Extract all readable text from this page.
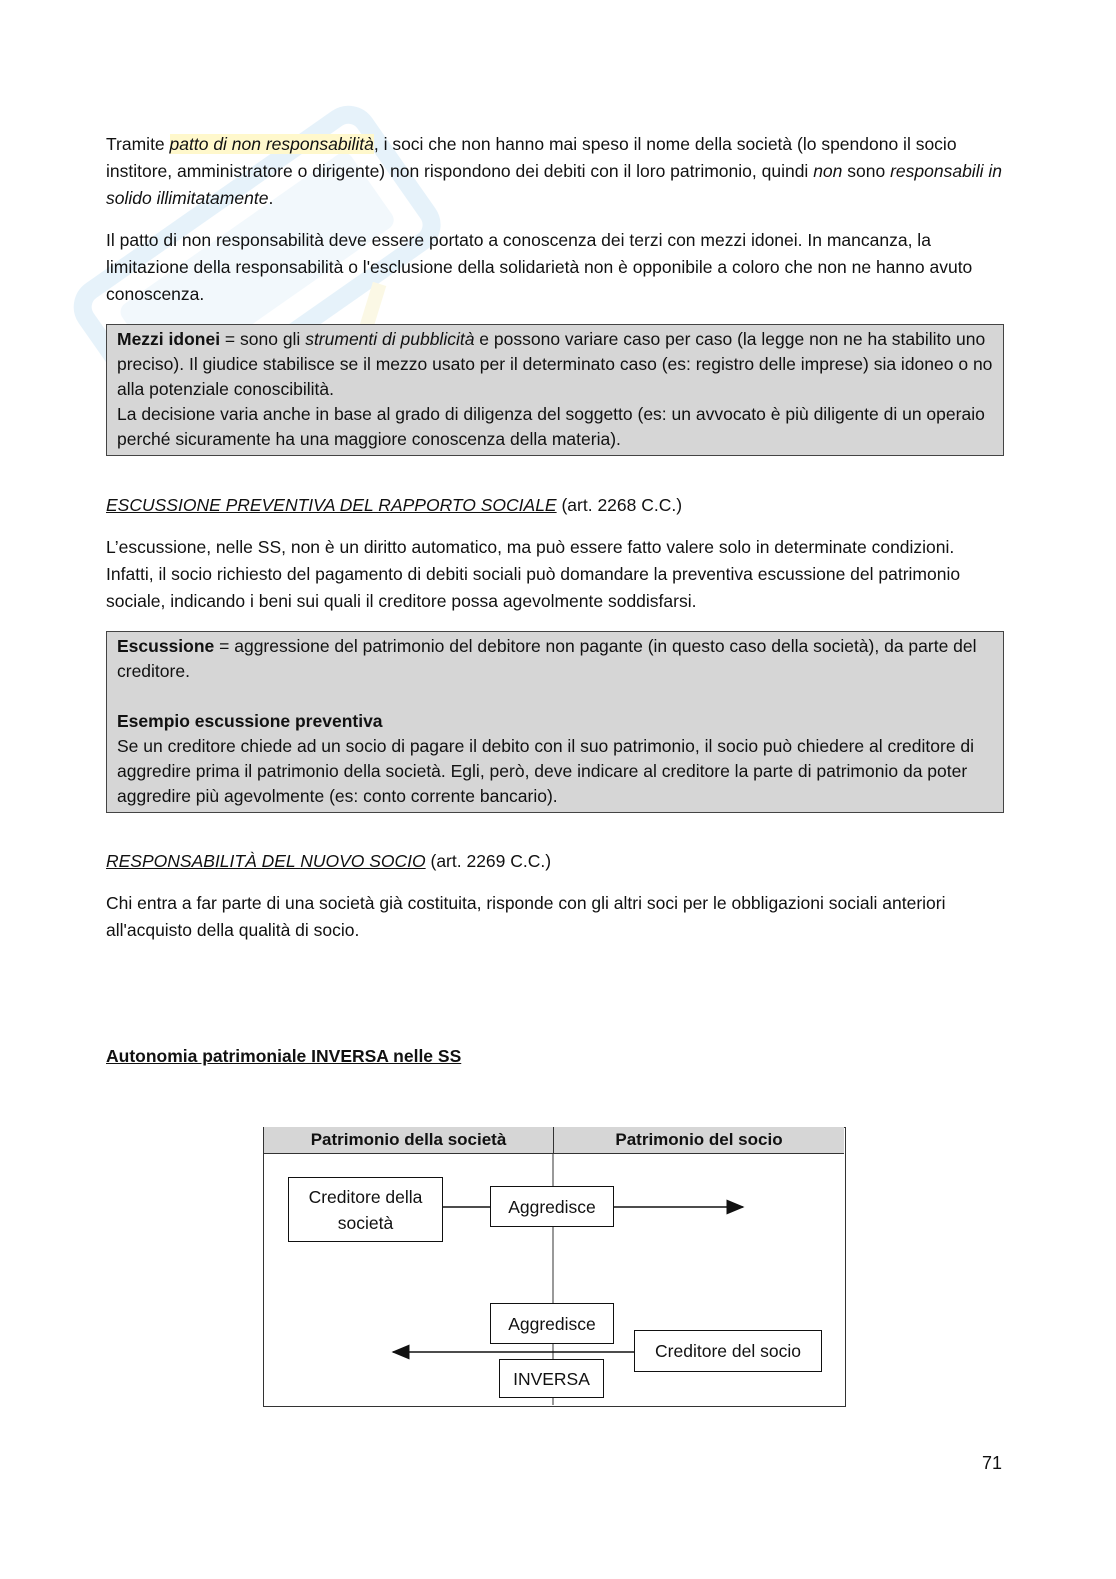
Tramite patto di non responsabilità, i soci che non hanno mai speso il nome della società (lo spendono il socio institore, amministratore o dirigente) non rispondono dei debiti con il loro patrimonio, quindi non sono responsabili in solido illimitatamente.

Il patto di non responsabilità deve essere portato a conoscenza dei terzi con mezzi idonei. In mancanza, la limitazione della responsabilità o l'esclusione della solidarietà non è opponibile a coloro che non ne hanno avuto conoscenza.

Mezzi idonei = sono gli strumenti di pubblicità e possono variare caso per caso (la legge non ne ha stabilito uno preciso). Il giudice stabilisce se il mezzo usato per il determinato caso (es: registro delle imprese) sia idoneo o no alla potenziale conoscibilità.

La decisione varia anche in base al grado di diligenza del soggetto (es: un avvocato è più diligente di un operaio perché sicuramente ha una maggiore conoscenza della materia).

ESCUSSIONE PREVENTIVA DEL RAPPORTO SOCIALE (art. 2268 C.C.)

L’escussione, nelle SS, non è un diritto automatico, ma può essere fatto valere solo in determinate condizioni. Infatti, il socio richiesto del pagamento di debiti sociali può domandare la preventiva escussione del patrimonio sociale, indicando i beni sui quali il creditore possa agevolmente soddisfarsi.

Escussione = aggressione del patrimonio del debitore non pagante (in questo caso della società), da parte del creditore.

Esempio escussione preventiva

Se un creditore chiede ad un socio di pagare il debito con il suo patrimonio, il socio può chiedere al creditore di aggredire prima il patrimonio della società. Egli, però, deve indicare al creditore la parte di patrimonio da poter aggredire più agevolmente (es: conto corrente bancario).

RESPONSABILITÀ DEL NUOVO SOCIO (art. 2269 C.C.)

Chi entra a far parte di una società già costituita, risponde con gli altri soci per le obbligazioni sociali anteriori all'acquisto della qualità di socio.

Autonomia patrimoniale INVERSA nelle SS
Patrimonio della società	Patrimonio del socio
Creditore della società
Aggredisce
Aggredisce
Creditore del socio
INVERSA
71
